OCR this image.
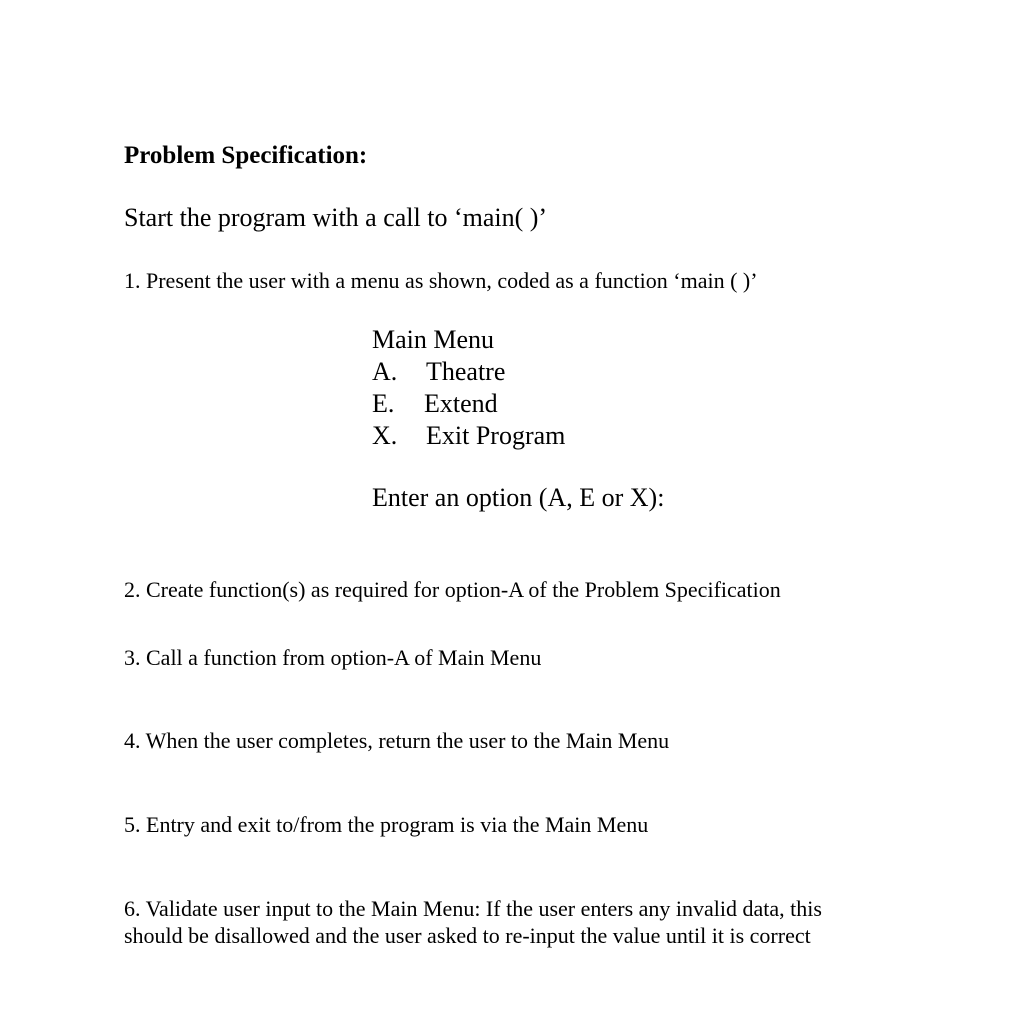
Problem Specification:
Start the program with a call to ‘main( )’
1. Present the user with a menu as shown, coded as a function ‘main ( )’
Main Menu
A.	Theatre
E.	Extend
X.	Exit Program
Enter an option (A, E or X):
2. Create function(s) as required for option-A of the Problem Specification
3. Call a function from option-A of Main Menu
4. When the user completes, return the user to the Main Menu
5. Entry and exit to/from the program is via the Main Menu
6. Validate user input to the Main Menu: If the user enters any invalid data, this
should be disallowed and the user asked to re-input the value until it is correct
